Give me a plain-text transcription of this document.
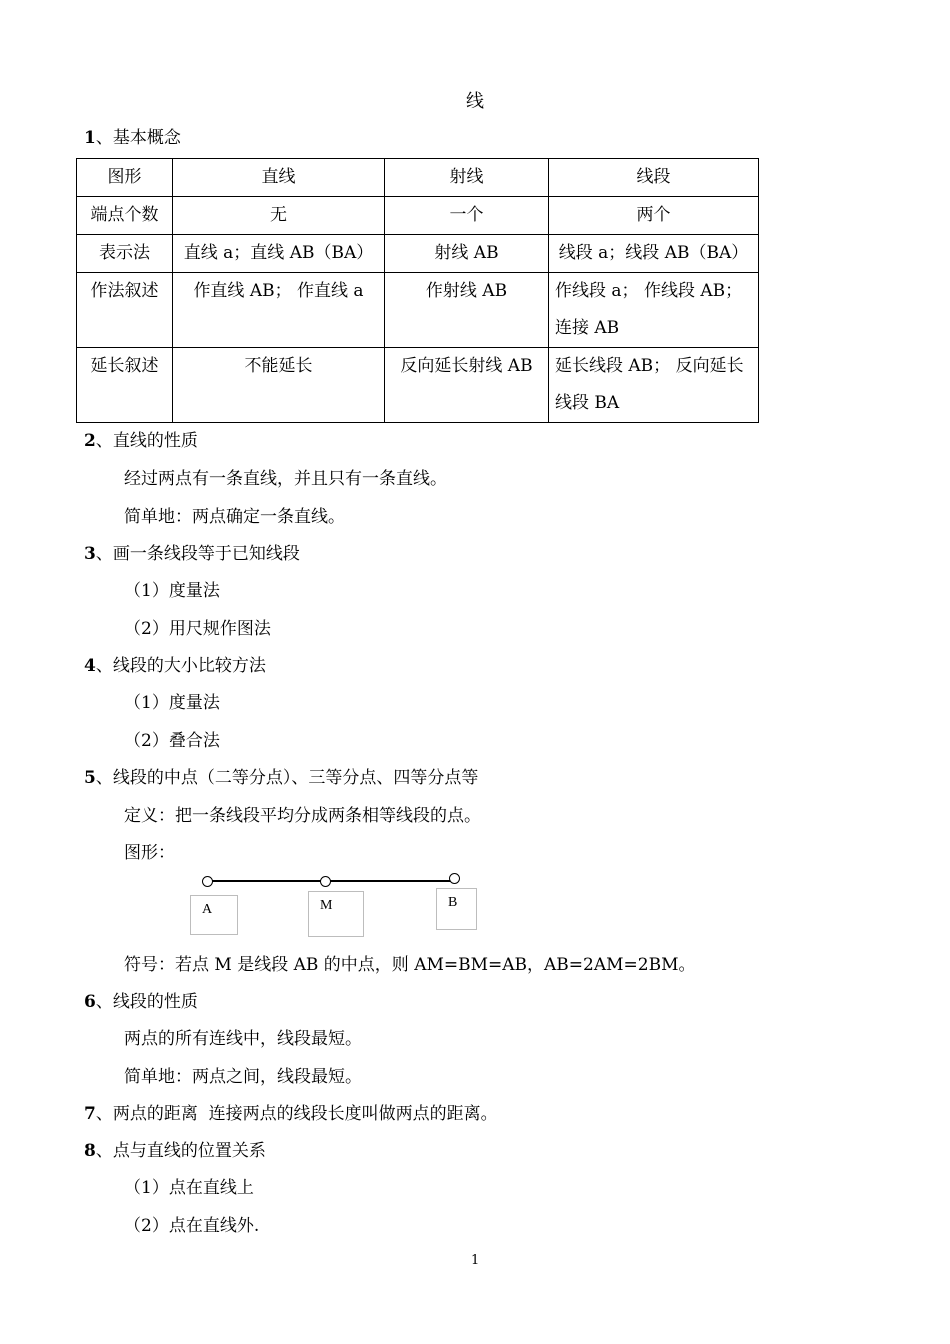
线
1、基本概念
图形	直线	射线	线段
端点个数	无	一个	两个
表示法	直线 a；直线 AB（BA）	射线 AB	线段 a；线段 AB（BA）
作法叙述	作直线 AB； 作直线 a	作射线 AB	作线段 a； 作线段 AB；连接 AB
延长叙述	不能延长	反向延长射线 AB	延长线段 AB； 反向延长线段 BA
2、直线的性质
经过两点有一条直线，并且只有一条直线。
简单地：两点确定一条直线。
3、画一条线段等于已知线段
（1）度量法
（2）用尺规作图法
4、线段的大小比较方法
（1）度量法
（2）叠合法
5、线段的中点（二等分点）、三等分点、四等分点等
定义：把一条线段平均分成两条相等线段的点。
图形：
A	M	B
符号：若点 M 是线段 AB 的中点，则 AM=BM=AB，AB=2AM=2BM。
6、线段的性质
两点的所有连线中，线段最短。
简单地：两点之间，线段最短。
7、两点的距离  连接两点的线段长度叫做两点的距离。
8、点与直线的位置关系
（1）点在直线上
（2）点在直线外.
1
